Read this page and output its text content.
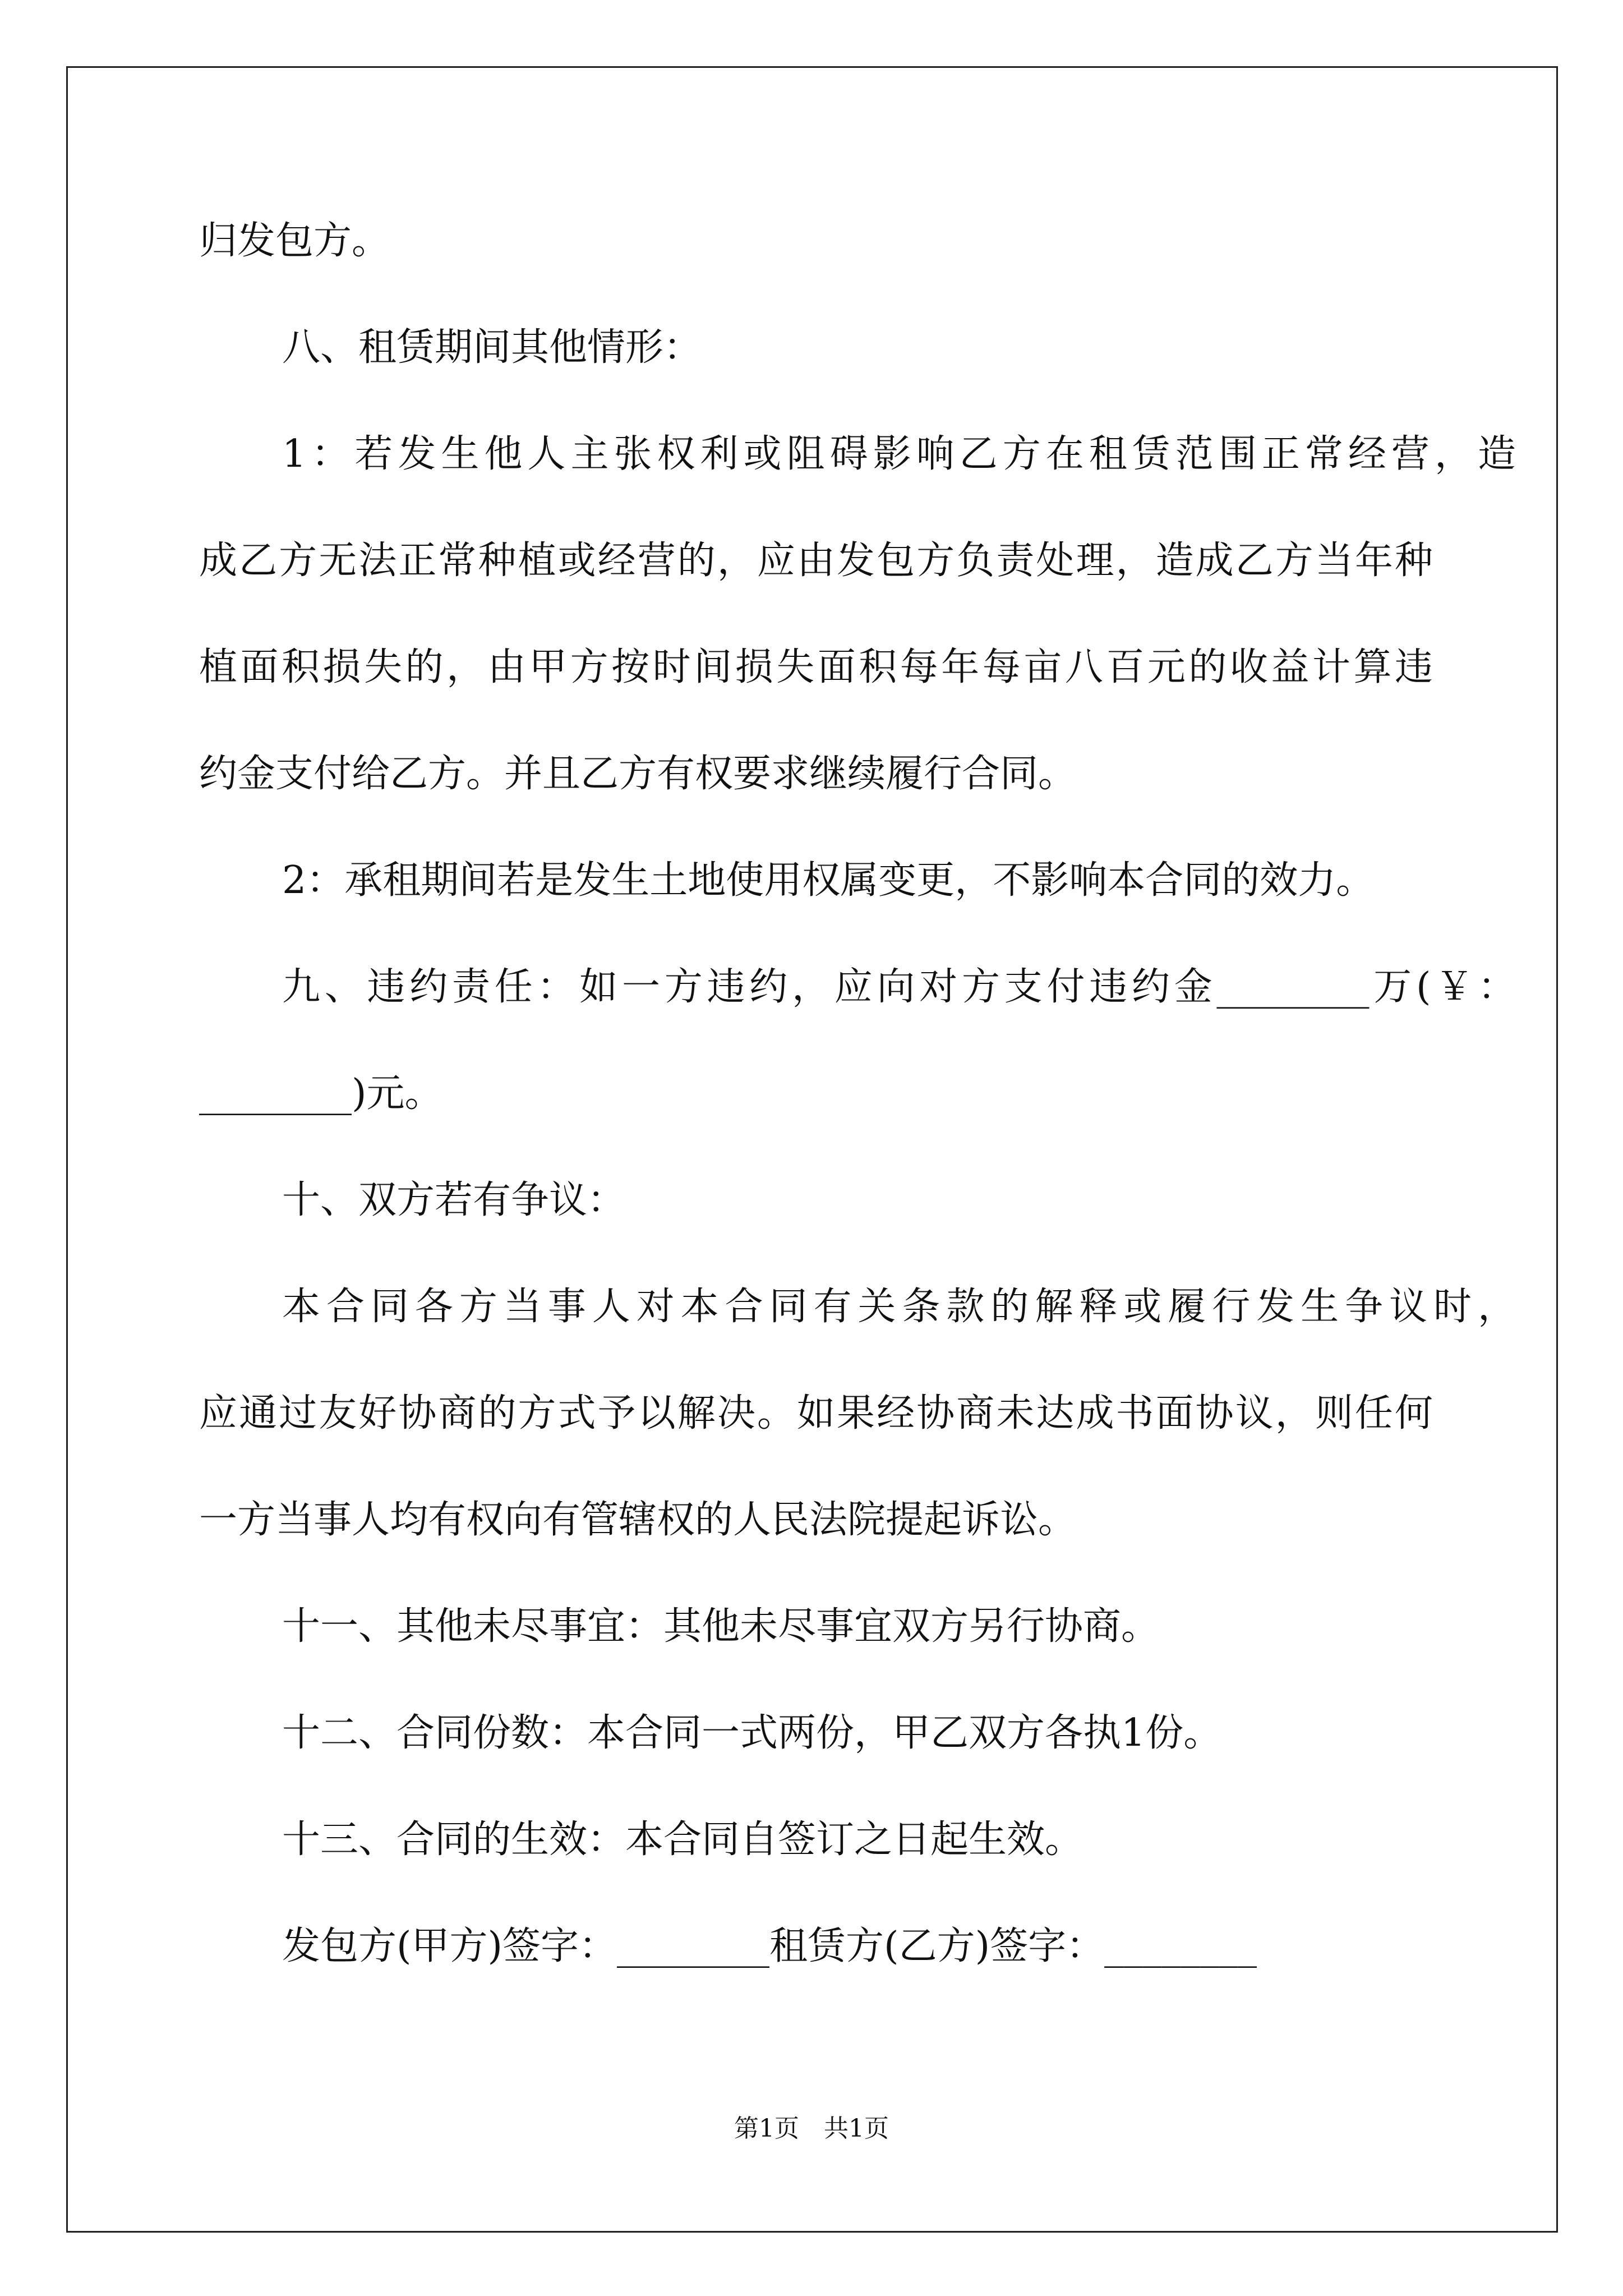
归发包方。
八、租赁期间其他情形：
1：若发生他人主张权利或阻碍影响乙方在租赁范围正常经营，造
成乙方无法正常种植或经营的，应由发包方负责处理，造成乙方当年种
植面积损失的，由甲方按时间损失面积每年每亩八百元的收益计算违
约金支付给乙方。并且乙方有权要求继续履行合同。
2：承租期间若是发生土地使用权属变更，不影响本合同的效力。
九、违约责任：如一方违约，应向对方支付违约金________万(￥：
________)元。
十、双方若有争议：
本合同各方当事人对本合同有关条款的解释或履行发生争议时，
应通过友好协商的方式予以解决。如果经协商未达成书面协议，则任何
一方当事人均有权向有管辖权的人民法院提起诉讼。
十一、其他未尽事宜：其他未尽事宜双方另行协商。
十二、合同份数：本合同一式两份，甲乙双方各执1份。
十三、合同的生效：本合同自签订之日起生效。
发包方(甲方)签字：________租赁方(乙方)签字：________
第1页　共1页
